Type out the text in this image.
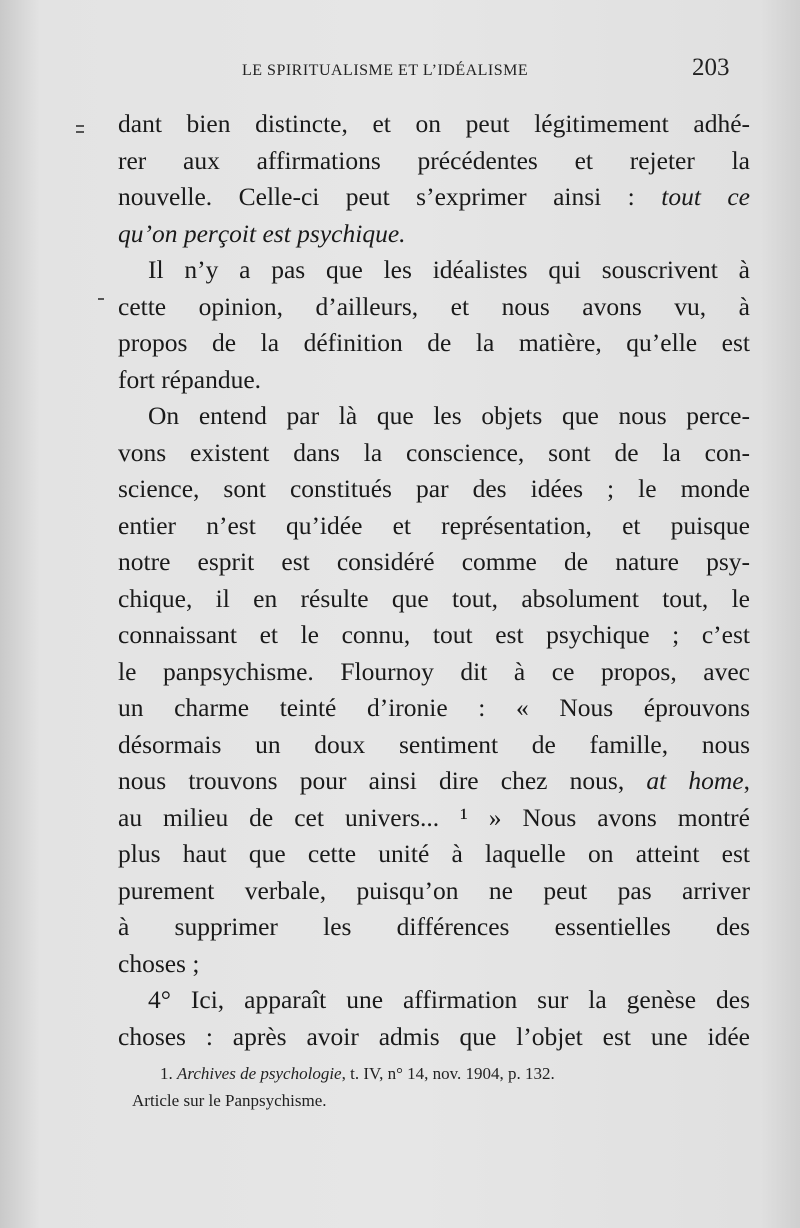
LE SPIRITUALISME ET L’IDÉALISME	203
dant bien distincte, et on peut légitimement adhé-
rer aux affirmations précédentes et rejeter la
nouvelle. Celle-ci peut s’exprimer ainsi : tout ce
qu’on perçoit est psychique.
Il n’y a pas que les idéalistes qui souscrivent à
cette opinion, d’ailleurs, et nous avons vu, à
propos de la définition de la matière, qu’elle est
fort répandue.
On entend par là que les objets que nous perce-
vons existent dans la conscience, sont de la con-
science, sont constitués par des idées ; le monde
entier n’est qu’idée et représentation, et puisque
notre esprit est considéré comme de nature psy-
chique, il en résulte que tout, absolument tout, le
connaissant et le connu, tout est psychique ; c’est
le panpsychisme. Flournoy dit à ce propos, avec
un charme teinté d’ironie : « Nous éprouvons
désormais un doux sentiment de famille, nous
nous trouvons pour ainsi dire chez nous, at home,
au milieu de cet univers... ¹ » Nous avons montré
plus haut que cette unité à laquelle on atteint est
purement verbale, puisqu’on ne peut pas arriver
à supprimer les différences essentielles des
choses ;
4° Ici, apparaît une affirmation sur la genèse des
choses : après avoir admis que l’objet est une idée
1. Archives de psychologie, t. IV, n° 14, nov. 1904, p. 132.
Article sur le Panpsychisme.
